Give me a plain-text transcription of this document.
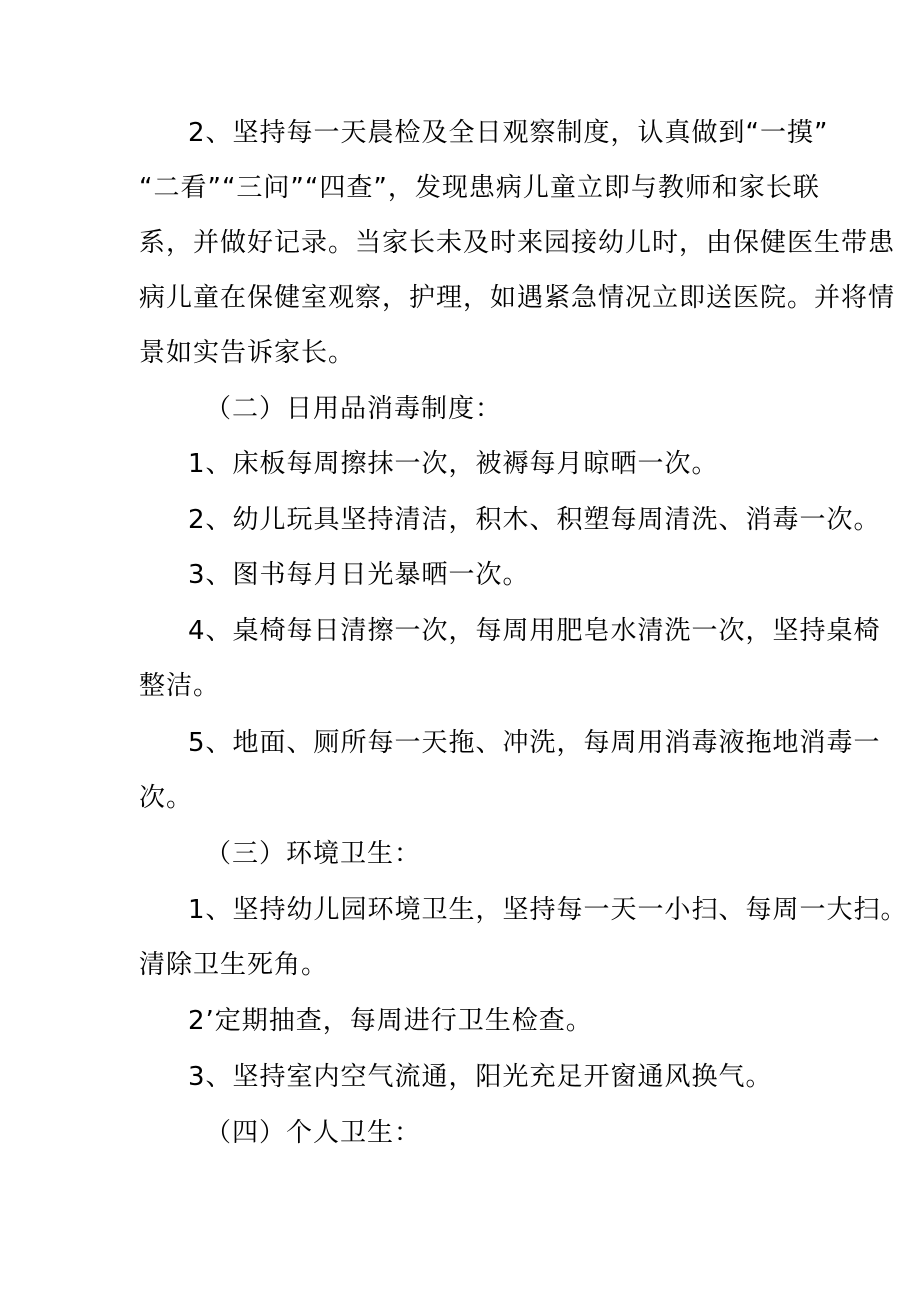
2、坚持每一天晨检及全日观察制度，认真做到“一摸”
“二看”“三问”“四查”，发现患病儿童立即与教师和家长联
系，并做好记录。当家长未及时来园接幼儿时，由保健医生带患
病儿童在保健室观察，护理，如遇紧急情况立即送医院。并将情
景如实告诉家长。
（二）日用品消毒制度：
1、床板每周擦抹一次，被褥每月晾晒一次。
2、幼儿玩具坚持清洁，积木、积塑每周清洗、消毒一次。
3、图书每月日光暴晒一次。
4、桌椅每日清擦一次，每周用肥皂水清洗一次，坚持桌椅
整洁。
5、地面、厕所每一天拖、冲洗，每周用消毒液拖地消毒一
次。
（三）环境卫生：
1、坚持幼儿园环境卫生，坚持每一天一小扫、每周一大扫。
清除卫生死角。
2’定期抽查，每周进行卫生检查。
3、坚持室内空气流通，阳光充足开窗通风换气。
（四）个人卫生：
